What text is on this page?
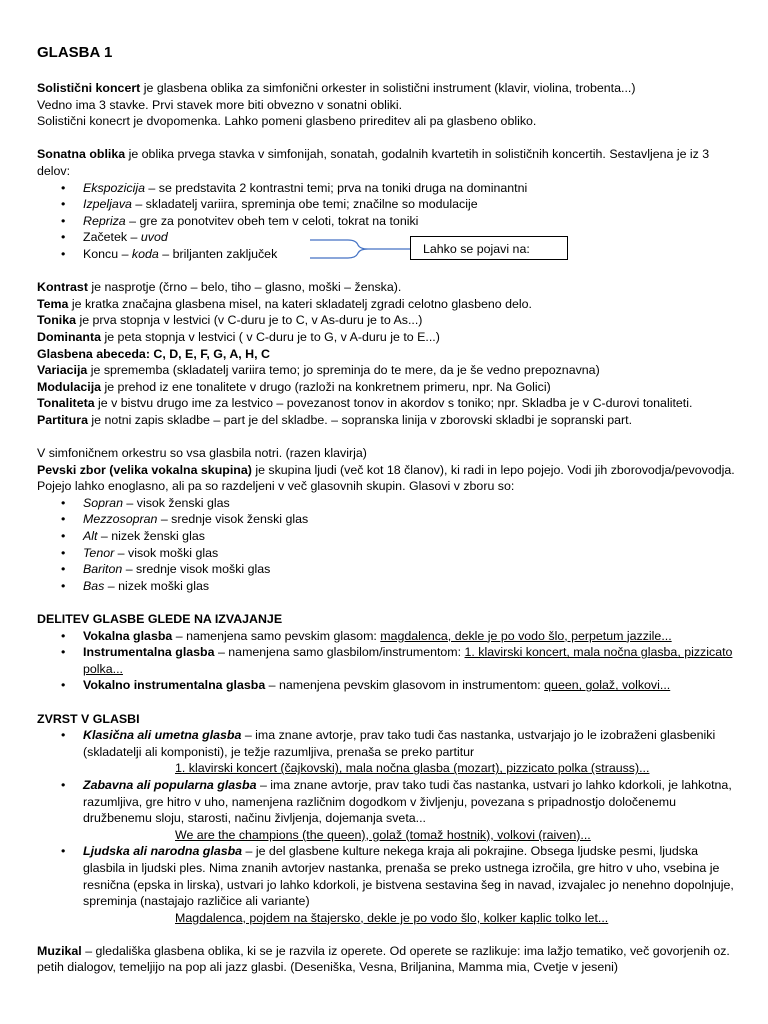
GLASBA 1

Solistični koncert je glasbena oblika za simfonični orkester in solistični instrument (klavir, violina, trobenta...)

Vedno ima 3 stavke. Prvi stavek more biti obvezno v sonatni obliki.

Solistični konecrt je dvopomenka. Lahko pomeni glasbeno prireditev ali pa glasbeno obliko.

Sonatna oblika je oblika prvega stavka v simfonijah, sonatah, godalnih kvartetih in solističnih koncertih. Sestavljena je iz 3 delov:

• Ekspozicija – se predstavita 2 kontrastni temi; prva na toniki druga na dominantni
• Izpeljava – skladatelj variira, spreminja obe temi; značilne so modulacije
• Repriza – gre za ponotvitev obeh tem v celoti, tokrat na toniki
• Začetek – uvod
• Koncu – koda – briljanten zaključek

Kontrast je nasprotje (črno – belo, tiho – glasno, moški – ženska).

Tema je kratka značajna glasbena misel, na kateri skladatelj zgradi celotno glasbeno delo.

Tonika je prva stopnja v lestvici (v C-duru je to C, v As-duru je to As...)

Dominanta je peta stopnja v lestvici ( v C-duru je to G, v A-duru je to E...)

Glasbena abeceda: C, D, E, F, G, A, H, C

Variacija je sprememba (skladatelj variira temo; jo spreminja do te mere, da je še vedno prepoznavna)

Modulacija je prehod iz ene tonalitete v drugo (razloži na konkretnem primeru, npr. Na Golici)

Tonaliteta je v bistvu drugo ime za lestvico – povezanost tonov in akordov s toniko; npr. Skladba je v C-durovi tonaliteti.

Partitura je notni zapis skladbe – part je del skladbe. – sopranska linija v zborovski skladbi je sopranski part.

V simfoničnem orkestru so vsa glasbila notri. (razen klavirja)

Pevski zbor (velika vokalna skupina) je skupina ljudi (več kot 18 članov), ki radi in lepo pojejo. Vodi jih zborovodja/pevovodja. Pojejo lahko enoglasno, ali pa so razdeljeni v več glasovnih skupin. Glasovi v zboru so:

• Sopran – visok ženski glas
• Mezzosopran – srednje visok ženski glas
• Alt – nizek ženski glas
• Tenor – visok moški glas
• Bariton – srednje visok moški glas
• Bas – nizek moški glas

DELITEV GLASBE GLEDE NA IZVAJANJE

• Vokalna glasba – namenjena samo pevskim glasom: magdalenca, dekle je po vodo šlo, perpetum jazzile...
• Instrumentalna glasba – namenjena samo glasbilom/instrumentom: 1. klavirski koncert, mala nočna glasba, pizzicato polka...
• Vokalno instrumentalna glasba – namenjena pevskim glasovom in instrumentom: queen, golaž, volkovi...

ZVRST V GLASBI

• Klasična ali umetna glasba – ima znane avtorje, prav tako tudi čas nastanka, ustvarjajo jo le izobraženi glasbeniki (skladatelji ali komponisti), je težje razumljiva, prenaša se preko partitur
1. klavirski koncert (čajkovski), mala nočna glasba (mozart), pizzicato polka (strauss)...
• Zabavna ali popularna glasba – ima znane avtorje, prav tako tudi čas nastanka, ustvari jo lahko kdorkoli, je lahkotna, razumljiva, gre hitro v uho, namenjena različnim dogodkom v življenju, povezana s pripadnostjo določenemu družbenemu sloju, starosti, načinu življenja, dojemanja sveta...
We are the champions (the queen), golaž (tomaž hostnik), volkovi (raiven)...
• Ljudska ali narodna glasba – je del glasbene kulture nekega kraja ali pokrajine. Obsega ljudske pesmi, ljudska glasbila in ljudski ples. Nima znanih avtorjev nastanka, prenaša se preko ustnega izročila, gre hitro v uho, vsebina je resnična (epska in lirska), ustvari jo lahko kdorkoli, je bistvena sestavina šeg in navad, izvajalec jo nenehno dopolnjuje, spreminja (nastajajo različice ali variante)
Magdalenca, pojdem na štajersko, dekle je po vodo šlo, kolker kaplic tolko let...

Muzikal – gledališka glasbena oblika, ki se je razvila iz operete. Od operete se razlikuje: ima lažjo tematiko, več govorjenih oz. petih dialogov, temeljijo na pop ali jazz glasbi. (Deseniška, Vesna, Briljanina, Mamma mia, Cvetje v jeseni)

Lahko se pojavi na:
